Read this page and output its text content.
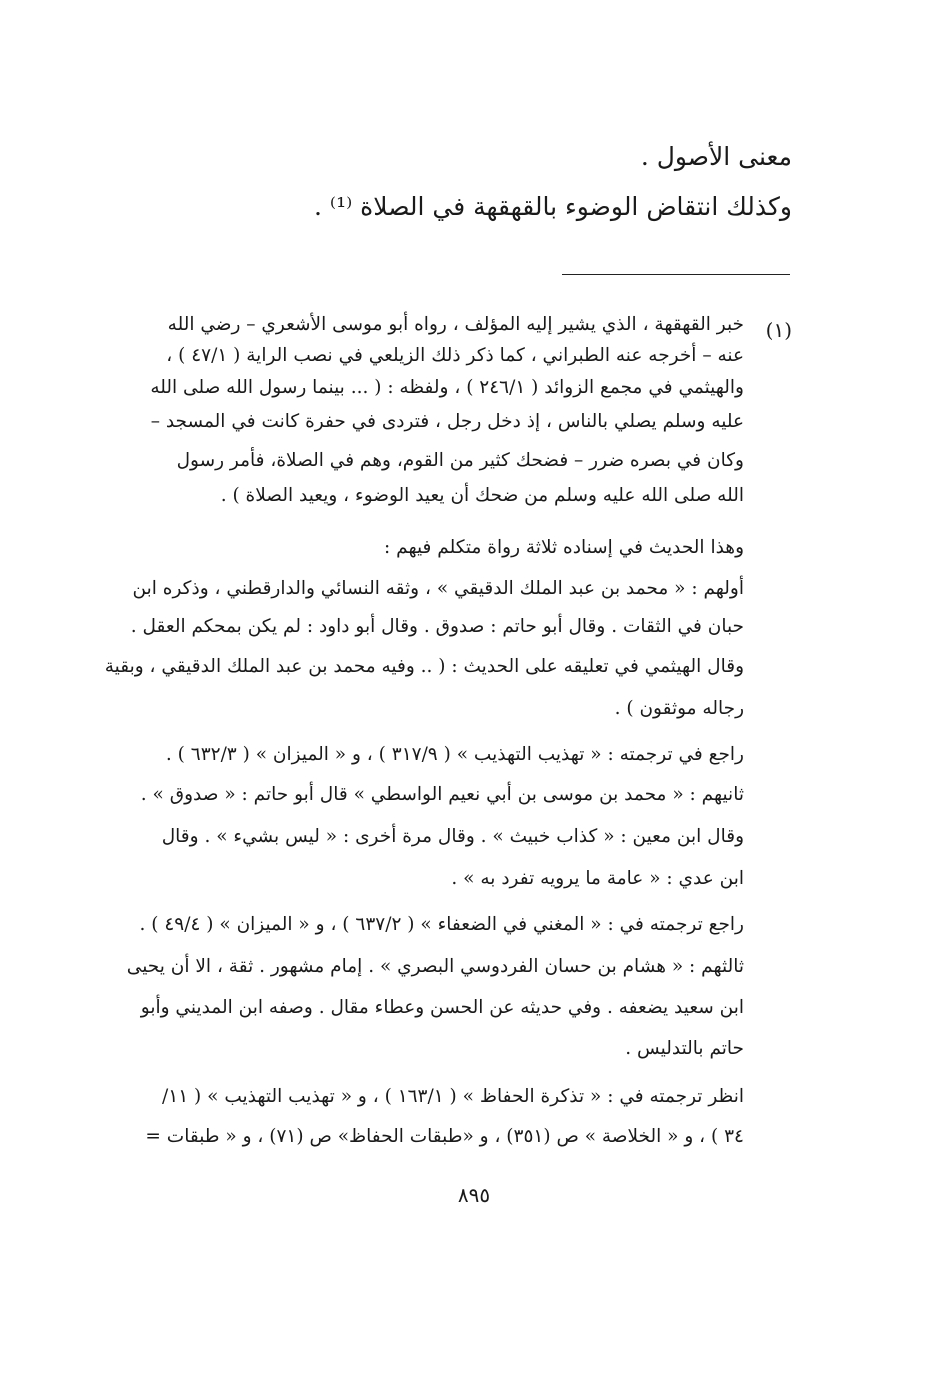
معنى الأصول .
وكذلك انتقاض الوضوء بالقهقهة في الصلاة ⁽¹⁾ .
(١)
خبر القهقهة ، الذي يشير إليه المؤلف ، رواه أبو موسى الأشعري – رضي الله
عنه – أخرجه عنه الطبراني ، كما ذكر ذلك الزيلعي في نصب الراية ( ٤٧/١ ) ،
والهيثمي في مجمع الزوائد ( ٢٤٦/١ ) ، ولفظه : ( ... بينما رسول الله صلى الله
عليه وسلم يصلي بالناس ، إذ دخل رجل ، فتردى في حفرة كانت في المسجد –
وكان في بصره ضرر – فضحك كثير من القوم، وهم في الصلاة، فأمر رسول
الله صلى الله عليه وسلم من ضحك أن يعيد الوضوء ، ويعيد الصلاة ) .
وهذا الحديث في إسناده ثلاثة رواة متكلم فيهم :
أولهم : « محمد بن عبد الملك الدقيقي » ، وثقه النسائي والدارقطني ، وذكره ابن
حبان في الثقات . وقال أبو حاتم : صدوق . وقال أبو داود : لم يكن بمحكم العقل .
وقال الهيثمي في تعليقه على الحديث : ( .. وفيه محمد بن عبد الملك الدقيقي ، وبقية
رجاله موثقون ) .
راجع في ترجمته : « تهذيب التهذيب » ( ٣١٧/٩ ) ، و « الميزان » ( ٦٣٢/٣ ) .
ثانيهم : « محمد بن موسى بن أبي نعيم الواسطي » قال أبو حاتم : « صدوق » .
وقال ابن معين : « كذاب خبيث » . وقال مرة أخرى : « ليس بشيء » . وقال
ابن عدي : « عامة ما يرويه تفرد به » .
راجع ترجمته في : « المغني في الضعفاء » ( ٦٣٧/٢ ) ، و « الميزان » ( ٤٩/٤ ) .
ثالثهم : « هشام بن حسان الفردوسي البصري » . إمام مشهور . ثقة ، الا أن يحيى
ابن سعيد يضعفه . وفي حديثه عن الحسن وعطاء مقال . وصفه ابن المديني وأبو
حاتم بالتدليس .
انظر ترجمته في : « تذكرة الحفاظ » ( ١٦٣/١ ) ، و « تهذيب التهذيب » ( ١١/
٣٤ ) ، و « الخلاصة » ص (٣٥١) ، و «طبقات الحفاظ» ص (٧١) ، و « طبقات =
٨٩٥
